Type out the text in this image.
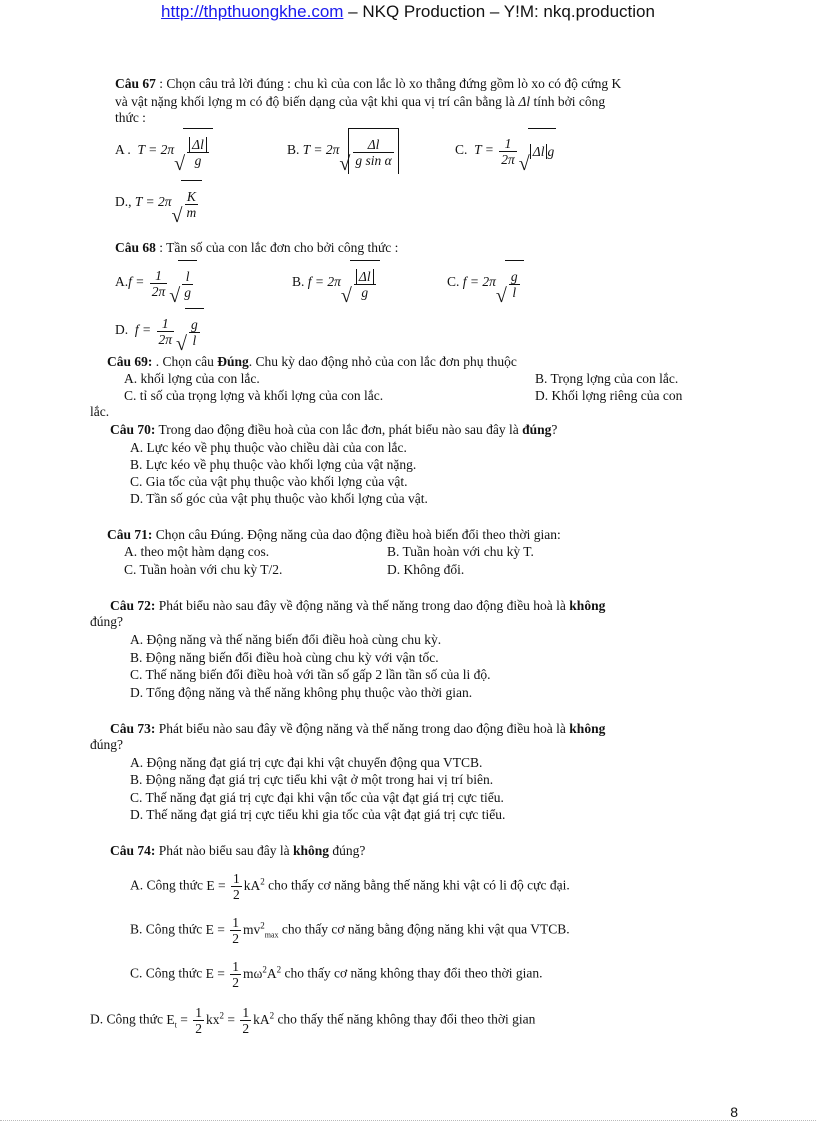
http://thpthuongkhe.com – NKQ Production – Y!M: nkq.production
Câu 67 : Chọn câu trả lời đúng : chu kì của con lắc lò xo thẳng đứng gồm lò xo có độ cứng K
và vật nặng khối lợng m có độ biến dạng của vật khi qua vị trí cân bằng là Δl tính bởi công
thức :
A .  T = 2π
√ $\frac{\Delta l}{g}$	B. T = 2π
√ $\frac{\Delta l}{\text{g sin α}}$	C.  $T = \frac{1}{2\pi}$ √
Δl g
D., T = 2π
√ $\frac{K}{m}$
Câu 68 : Tần số của con lắc đơn cho bởi công thức :
$A.f = \frac{1}{2\pi}$ √ $\frac{l}{g}$	B. f = 2π
√ $\frac{\Delta l}{g}$	C. f = 2π
√ $\frac{g}{l}$
D.  $f = \frac{1}{2\pi}$ √ $\frac{g}{l}$
Câu 69: . Chọn câu Đúng. Chu kỳ dao động nhỏ của con lắc đơn phụ thuộc
A. khối lợng của con lắc.	B. Trọng lợng của con lắc.
C. tỉ số của trọng lợng và khối lợng của con lắc.	D. Khối lợng riêng của con
lắc.
Câu 70: Trong dao động điều hoà của con lắc đơn, phát biểu nào sau đây là đúng?
A. Lực kéo về phụ thuộc vào chiều dài của con lắc.
B. Lực kéo về phụ thuộc vào khối lợng của vật nặng.
C. Gia tốc của vật phụ thuộc vào khối lợng của vật.
D. Tần số góc của vật phụ thuộc vào khối lợng của vật.
Câu 71: Chọn câu Đúng. Động năng của dao động điều hoà biến đổi theo thời gian:
A. theo một hàm dạng cos.	B. Tuần hoàn với chu kỳ T.
C. Tuần hoàn với chu kỳ T/2.	D. Không đổi.
Câu 72: Phát biểu nào sau đây về động năng và thế năng trong dao động điều hoà là không
đúng?
A. Động năng và thế năng biến đổi điều hoà cùng chu kỳ.
B. Động năng biến đổi điều hoà cùng chu kỳ với vận tốc.
C. Thế năng biến đổi điều hoà với tần số gấp 2 lần tần số của li độ.
D. Tổng động năng và thế năng không phụ thuộc vào thời gian.
Câu 73: Phát biểu nào sau đây về động năng và thế năng trong dao động điều hoà là không
đúng?
A. Động năng đạt giá trị cực đại khi vật chuyển động qua VTCB.
B. Động năng đạt giá trị cực tiểu khi vật ở một trong hai vị trí biên.
C. Thế năng đạt giá trị cực đại khi vận tốc của vật đạt giá trị cực tiểu.
D. Thế năng đạt giá trị cực tiểu khi gia tốc của vật đạt giá trị cực tiểu.
Câu 74: Phát nào biểu sau đây là không đúng?
A. Công thức $E = \frac{1}{2} kA^2$ cho thấy cơ năng bằng thế năng khi vật có li độ cực đại.
B. Công thức $E = \frac{1}{2} mv^2_{max}$ cho thấy cơ năng bằng động năng khi vật qua VTCB.
C. Công thức $E = \frac{1}{2} m\omega^2A^2$ cho thấy cơ năng không thay đổi theo thời gian.
D. Công thức $E_t = \frac{1}{2} kx^2 = \frac{1}{2} kA^2$ cho thấy thế năng không thay đổi theo thời gian
8
